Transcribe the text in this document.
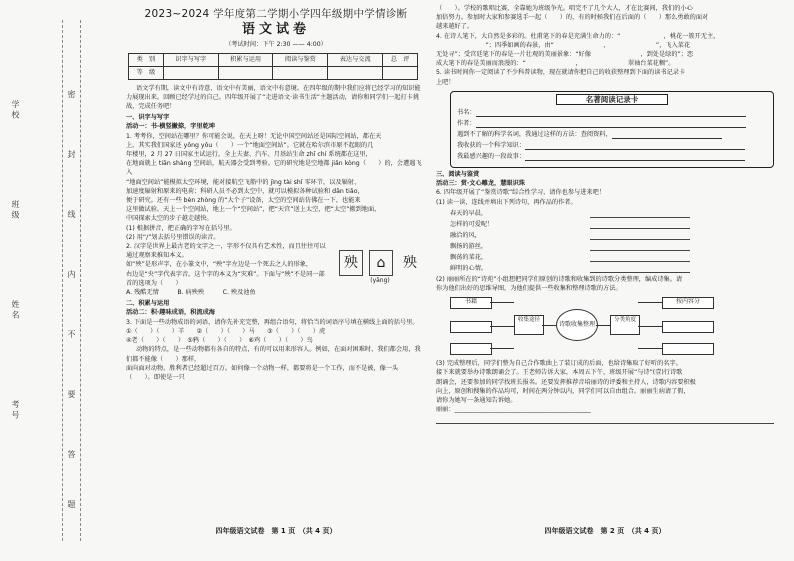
学 校
班 级
姓 名
考 号
密
封
线
内
不
要
答
题
2023~2024 学年度第二学期小学四年级期中学情诊断
语文试卷
（考试时间：下午 2:30 —— 4:00）
类　别	识字与写字	积累与运用	阅读与鉴赏	表达与交流	总　评
等　级					

语文学有期，读文中有诗意，语文中有美丽，语文中有意境。在四年级的期中我们应将已经学习的知识能力展现出来。回顾已经学过的自己。四年级开展了“走进语文·读书生活”主题活动，请你和同学们一起打卡挑战，完成任务吧！

一、识字与写字

活动一：书·横竖撇捺，字里乾坤

1. 考考你，空间站在哪里？你可能会说，在天上呀！无论中国空间站还是国际空间站，都在天

上，其实我们国家还 yǒng yǒu（　　）一个“地面空间站”。它就在哈尔滨市原不起眼的几

年楼里，2 月 27 日国家主试运行，全上夫妻、汽车、月基站生命 zhī chí 系统都在这里，

在地面就上 tiān shàng 空间站，航天器会受到考验。它的研究地是空地都 jiǎn kòng（　　）的，会遭遇飞入

“地面空间站”能模拟太空环境，能对接航空飞船中的 jìng tài shǐ 零环节，以及辐射、

加速度辐射和原来的电荷；科研人员不必到太空中，就可以模拟各种试验和 dān tiǎo，

便于研究。还有一些 bèn zhòng 的“大个子”设备，太空的空间站仿佛在一下，也能来

这里做试验。天上一个空间站，地上一个“空间站”，把“天宫”送上太空，把“太空”搬到地面，

中国探索太空的步子越走越快。

(1) 根据拼音，把正确的字写在括号里。

(2) 用“/”划去括号里错误的读音。

2. 汉字是世界上最古老的文字之一，字形不仅具有艺术性，而且往往可以通过观察来推知本义。

如“殃”是形声字，在小篆文中，“殃”字左边是一个死去之人的形象，

右边是“央”字代表字音。这个字的本义为“灾难”。下面与“殃”不是同一部首的选项为（　　）

殃 ⌂ 殃
(yāng)

A. 残酷无情　　　B. 病殃殃　　　C. 殃及池鱼

二、积累与运用

活动二：积·趣味成语，积流成海

3. 下面是一些动物成语的词语，请你先补充完整，再组合语句，将恰当的词语序号填在横线上面的括号里。

①（　　）（　　）羊　　②（　　）（　　）马　　③（　　）（　　）虎

④老（　　）（　　）　⑤鸦（　　）（　　）　⑥鸡（　　）（　　）鸟

动物的特点，是一些动物都有各自的特点，有的可以用来形容人。例如，在面对困难时，我们都会用，我们都不能像（　　）那样，

面向面对动物。胜利者已经超过百万。如何像一个动物一样，都要将是一个工作，而不是被，像一头（　　）。即使是一只

四年级语文试卷　第 1 页　（共 4 页）

（　　）。学校的歌唱比赛，全靠她为班级争光。唱完不了几个大人，才在比赛间，我们的小心

加倍努力。参加时大家和参赛选手一起（　　）的，有的时候我们在后面的（　　）那么勇敢的面对

越来越好了。

4. 在诗人笔下，大自然是多彩的。杜甫笔下的春是充满生命力的：“　　　　　　　，桃花一簇开无主，

　　　　　　　　”；四季如画的春景，由“　　　　　　　　，　　　　　　　　”，飞入菜花

无处寻”；受宫廷笔下的春是一片壮观的美丽景象：“好像　　　　　　　　，到处是绿的”；恋

成大笔下的春是美丽而浪漫的：“　　　　　　　　，　　　　　　　　翠袖台菜花稠”。

5. 读书时间你一定阅读了不少科普读物，现在就请你把自己的收获整理到下面的读书记录卡

上吧！

名著阅读记录卡
书名：
作者：
遇到不了解的科学名词，我通过这样的方法：查阅资料，
我收获的一个科学知识：
我最感兴趣的一段故事：

三、阅读与鉴赏

活动三：赏·文心雕龙，慧眼识珠

6. 四年级开展了“鉴赏诗歌”综合性学习，请你也参与进来吧！

(1) 读一读，连线并填出下列诗句，再作品的作者。

春天的早晨，
怎样的可爱呢！
融洽的风，
飘扬的游丝，
飘荡的菜花，
鲜明的心情。

(2) 丽丽所在的“诗苑”小组想把同学们原创的诗歌和收集到的诗歌分类整理，编成诗集。请

你为他们出好的思维导图，为他们提供一些收集和整理诗歌的方法。

书籍
收集途径
诗歌收集整理
分类角度
按内容分

(3) 完成整理后，同学们整为自己合作歌曲上了装订成的后面，也给诗集取了好听的名字。

接下来就要举办诗歌朗诵会了。王老师告诉大家，本周五下午，班级开展“与诗”(壹)行诗歌

朗诵会，还要参加的同学找班长报名。还要发挥推荐音培丽诗的评委和主持人，诗歌内容要积极

向上，原创和搜集的作品均可，时间在两分钟以内，同学们可以自由组合。丽丽生病请了假，

请你为她写一条通知告诉她。

丽丽：____________________________________________

四年级语文试卷　第 2 页　（共 4 页）
